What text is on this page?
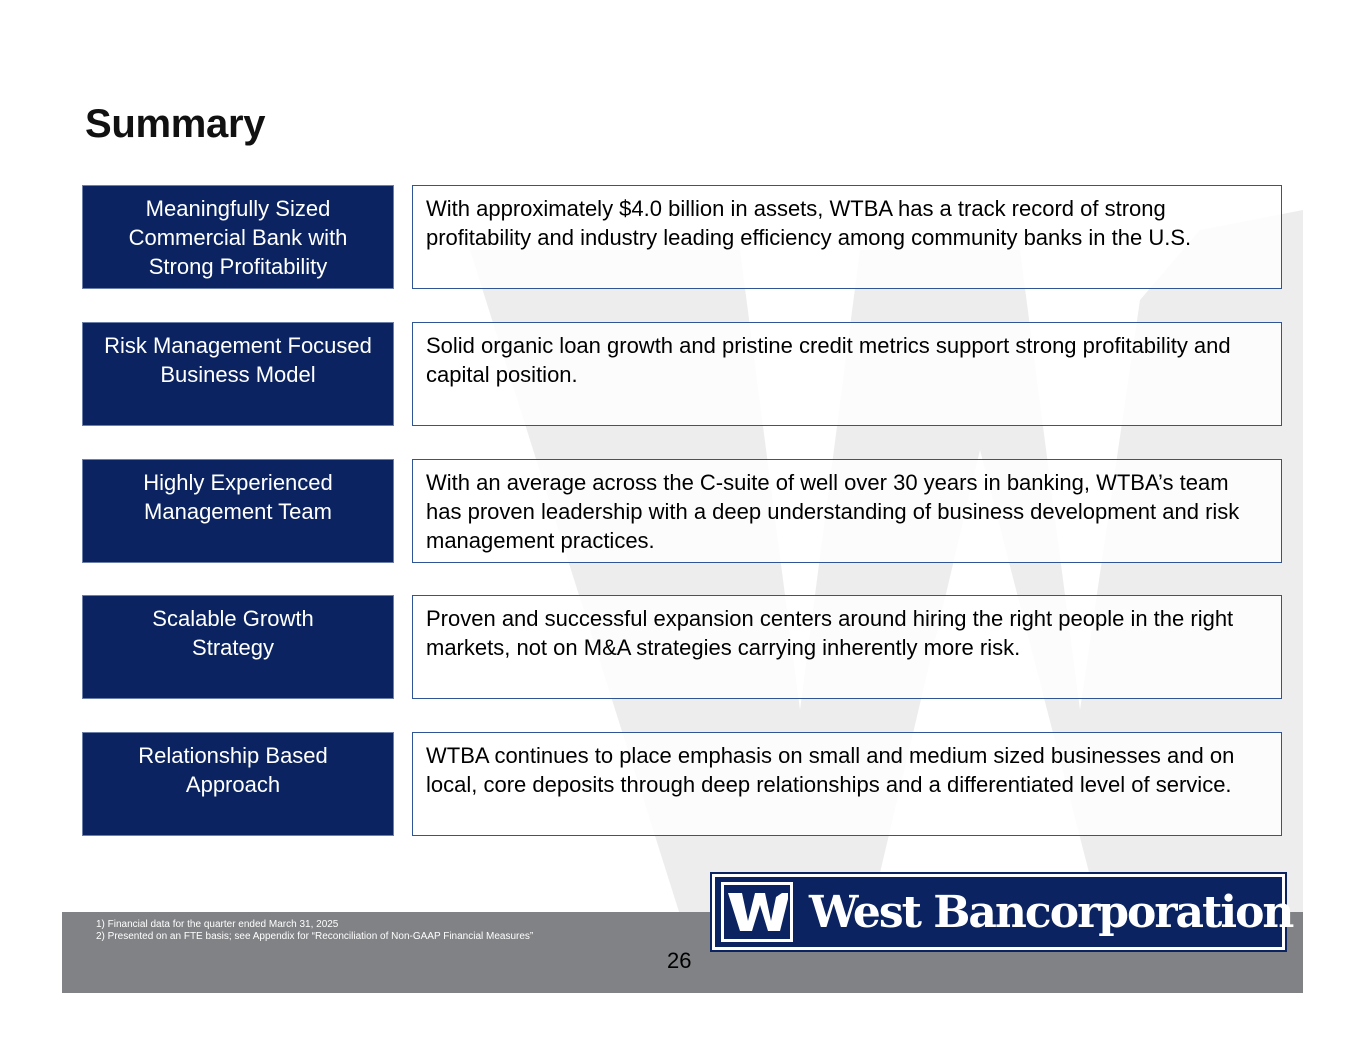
Summary
Meaningfully Sized Commercial Bank with Strong Profitability
With approximately $4.0 billion in assets, WTBA has a track record of strong profitability and industry leading efficiency among community banks in the U.S.
Risk Management Focused Business Model
Solid organic loan growth and pristine credit metrics support strong profitability and capital position.
Highly Experienced Management Team
With an average across the C-suite of well over 30 years in banking, WTBA’s team has proven leadership with a deep understanding of business development and risk management practices.
Scalable Growth Strategy
Proven and successful expansion centers around hiring the right people in the right markets, not on M&A strategies carrying inherently more risk.
Relationship Based Approach
WTBA continues to place emphasis on small and medium sized businesses and on local, core deposits through deep relationships and a differentiated level of service.
1) Financial data for the quarter ended March 31, 2025
2) Presented on an FTE basis; see Appendix for “Reconciliation of Non-GAAP Financial Measures”
26
West Bancorporation
